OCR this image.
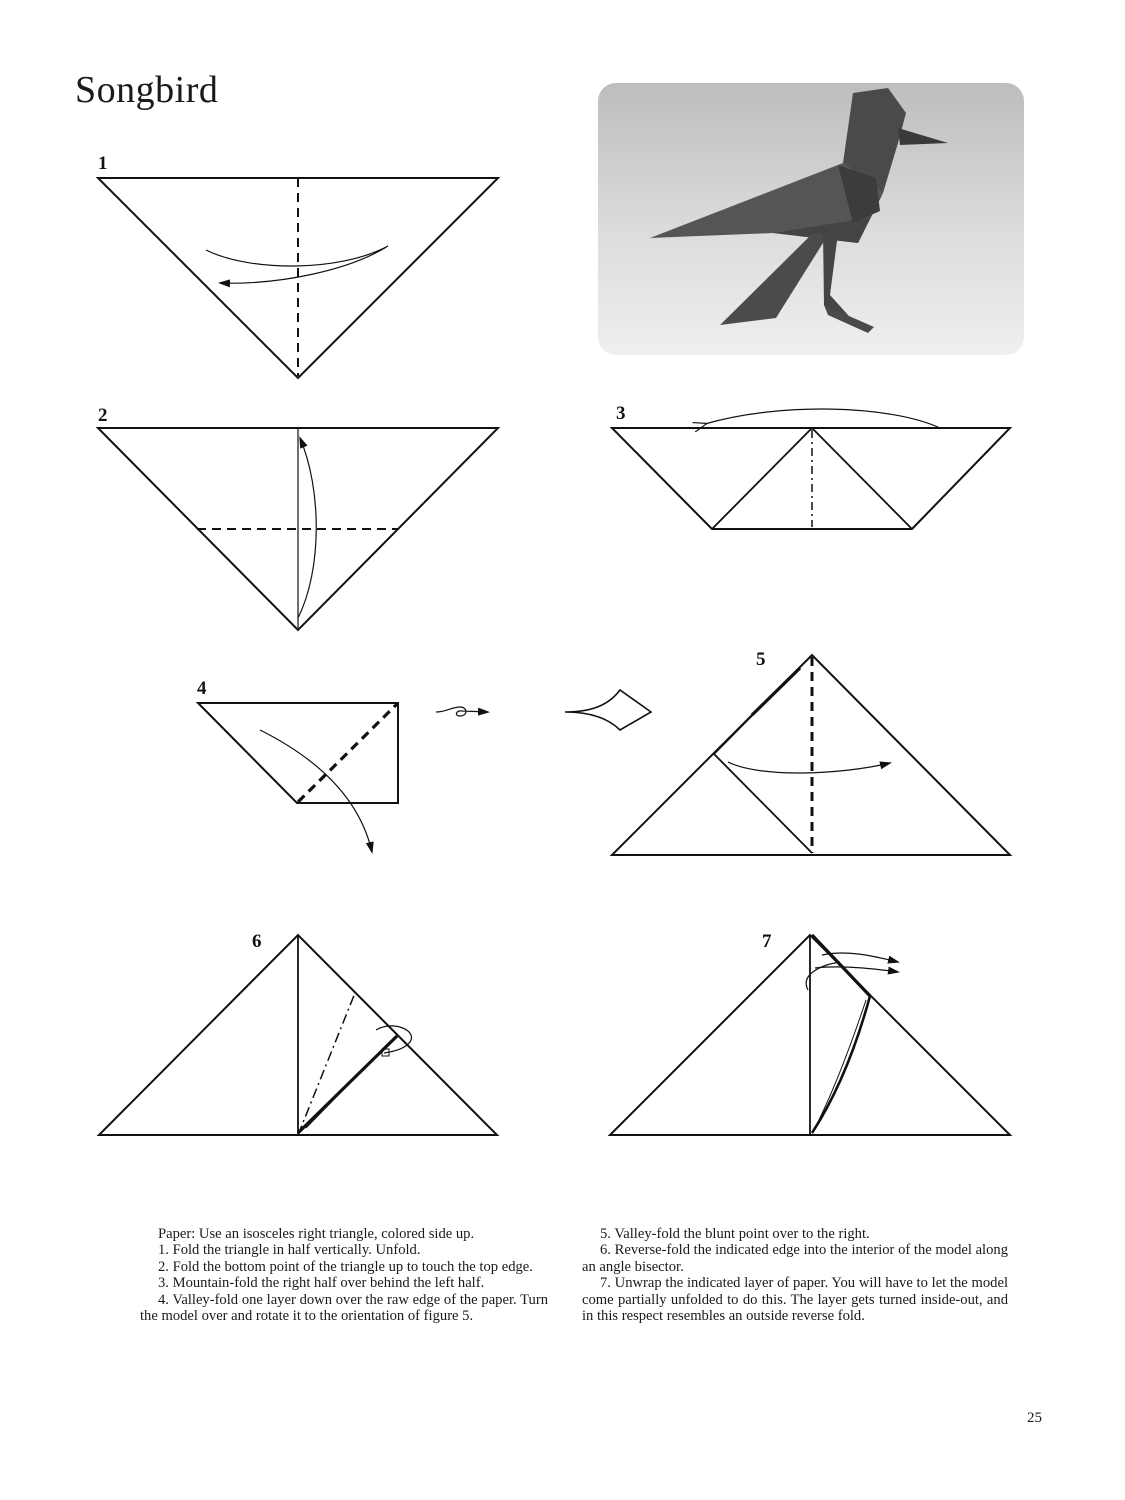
Songbird
1
2	3
4
5
6	7

Paper: Use an isosceles right triangle, colored side up.

1. Fold the triangle in half vertically. Unfold.

2. Fold the bottom point of the triangle up to touch the top edge.

3. Mountain-fold the right half over behind the left half.

4. Valley-fold one layer down over the raw edge of the paper. Turn the model over and rotate it to the orientation of figure 5.

5. Valley-fold the blunt point over to the right.

6. Reverse-fold the indicated edge into the interior of the model along an angle bisector.

7. Unwrap the indicated layer of paper. You will have to let the model come partially unfolded to do this. The layer gets turned inside-out, and in this respect resembles an outside reverse fold.

25
